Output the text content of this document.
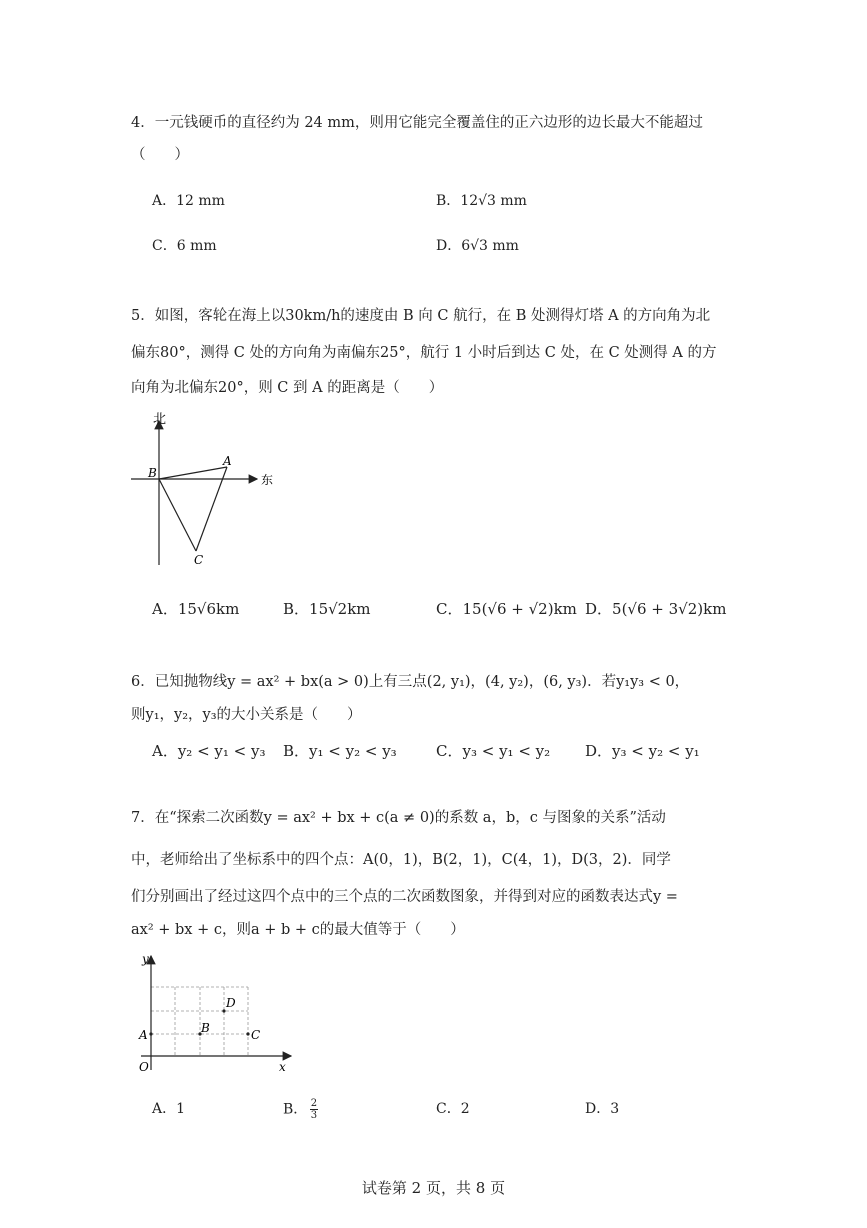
4．一元钱硬币的直径约为 24 mm，则用它能完全覆盖住的正六边形的边长最大不能超过
（　　）
A．12 mm	B．12√3 mm
C．6 mm	D．6√3 mm
5．如图，客轮在海上以30km/h的速度由 B 向 C 航行，在 B 处测得灯塔 A 的方向角为北
偏东80°，测得 C 处的方向角为南偏东25°，航行 1 小时后到达 C 处，在 C 处测得 A 的方
向角为北偏东20°，则 C 到 A 的距离是（　　）
北
东
B
A
C
A．15√6km	B．15√2km	C．15(√6 + √2)km D．5(√6 + 3√2)km
6．已知抛物线y = ax² + bx(a > 0)上有三点(2, y₁)，(4, y₂)，(6, y₃)．若y₁y₃ < 0，
则y₁，y₂，y₃的大小关系是（　　）
A．y₂ < y₁ < y₃ B．y₁ < y₂ < y₃	C．y₃ < y₁ < y₂ D．y₃ < y₂ < y₁
7．在“探索二次函数y = ax² + bx + c(a ≠ 0)的系数 a，b，c 与图象的关系”活动
中，老师给出了坐标系中的四个点：A(0，1)，B(2，1)，C(4，1)，D(3，2)．同学
们分别画出了经过这四个点中的三个点的二次函数图象，并得到对应的函数表达式y =
ax² + bx + c，则a + b + c的最大值等于（　　）
y
x
O
A	B	C
D
A．1	B． $\frac{2}{3}$	C．2	D．3
试卷第 2 页，共 8 页
